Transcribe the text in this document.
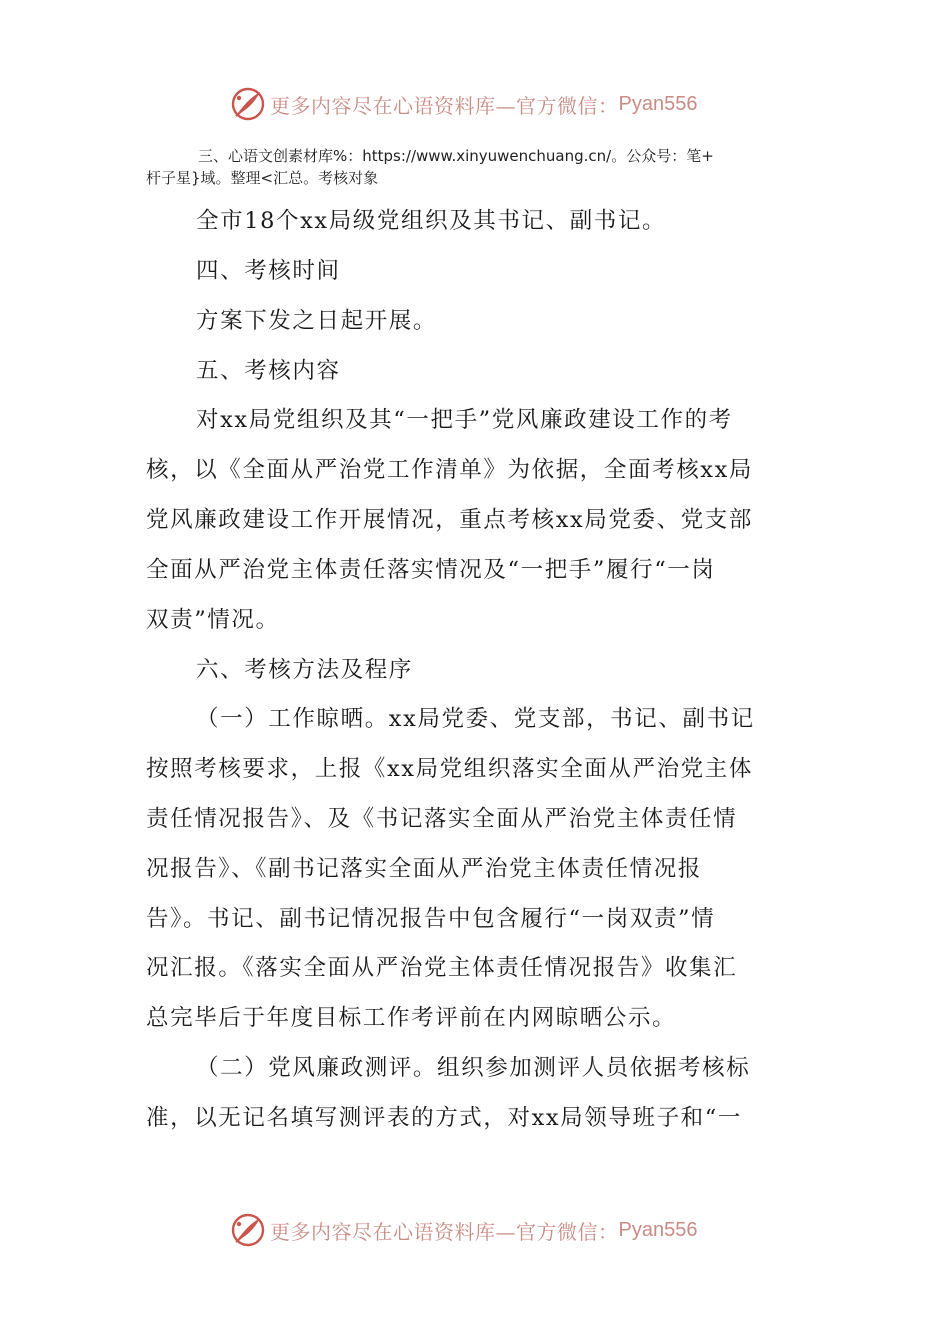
更多内容尽在心语资料库—官方微信： Pyan556
三、心语文创素材库%：https://www.xinyuwenchuang.cn/。公众号：笔+
杆子星}域。整理<汇总。考核对象
全市18个xx局级党组织及其书记、副书记。
四、考核时间
方案下发之日起开展。
五、考核内容
对xx局党组织及其“一把手”党风廉政建设工作的考
核，以《全面从严治党工作清单》为依据，全面考核xx局
党风廉政建设工作开展情况，重点考核xx局党委、党支部
全面从严治党主体责任落实情况及“一把手”履行“一岗
双责”情况。
六、考核方法及程序
（一）工作晾晒。xx局党委、党支部，书记、副书记
按照考核要求，上报《xx局党组织落实全面从严治党主体
责任情况报告》、及《书记落实全面从严治党主体责任情
况报告》、《副书记落实全面从严治党主体责任情况报
告》。书记、副书记情况报告中包含履行“一岗双责”情
况汇报。《落实全面从严治党主体责任情况报告》收集汇
总完毕后于年度目标工作考评前在内网晾晒公示。
（二）党风廉政测评。组织参加测评人员依据考核标
准，以无记名填写测评表的方式，对xx局领导班子和“一
更多内容尽在心语资料库—官方微信： Pyan556
